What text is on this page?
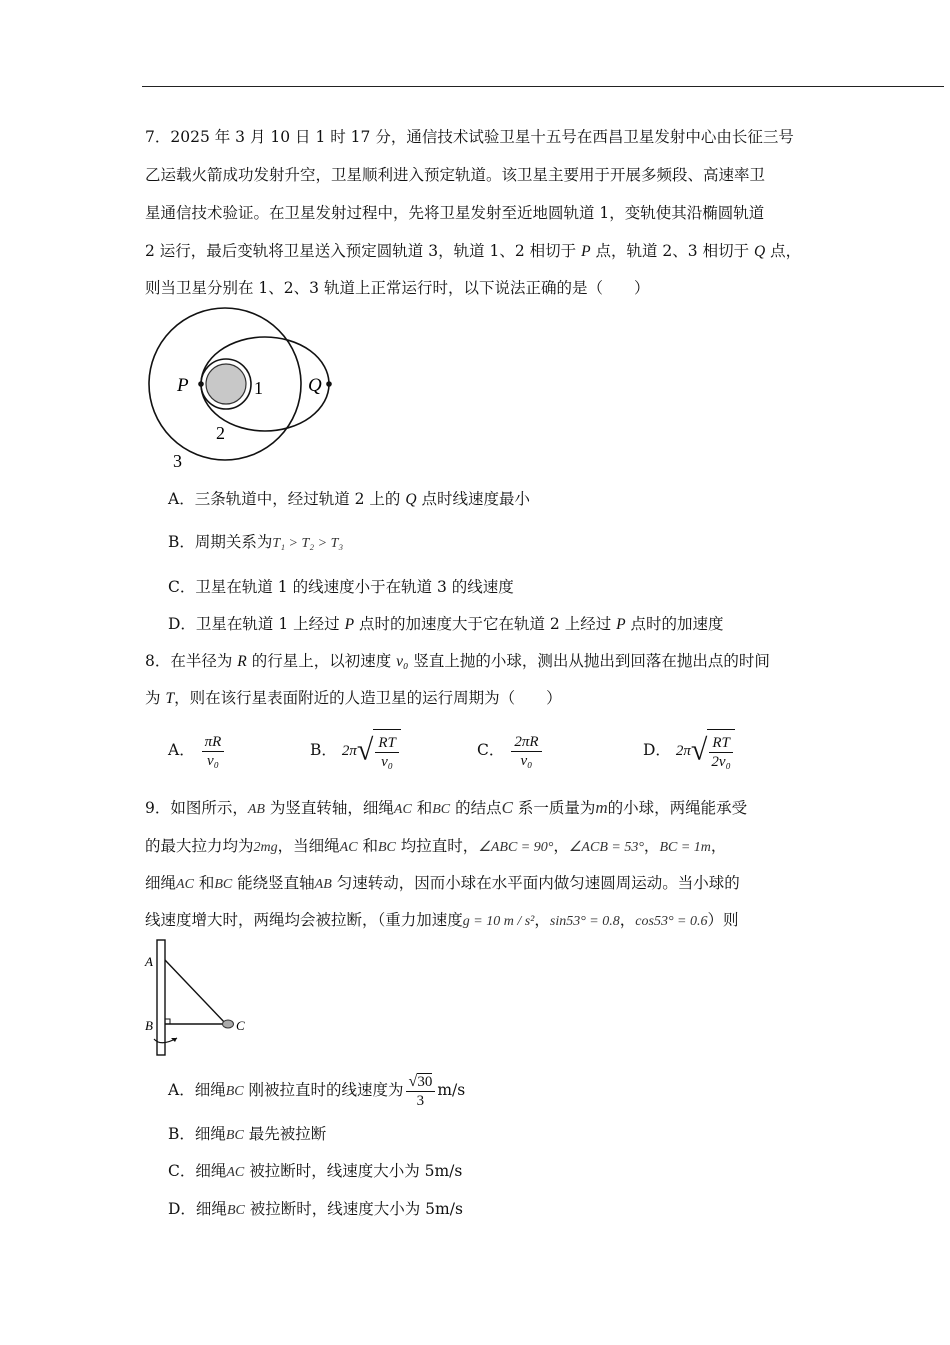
7．2025 年 3 月 10 日 1 时 17 分，通信技术试验卫星十五号在西昌卫星发射中心由长征三号
乙运载火箭成功发射升空，卫星顺利进入预定轨道。该卫星主要用于开展多频段、高速率卫
星通信技术验证。在卫星发射过程中，先将卫星发射至近地圆轨道 1，变轨使其沿椭圆轨道
2 运行，最后变轨将卫星送入预定圆轨道 3，轨道 1、2 相切于 P 点，轨道 2、3 相切于 Q 点，
则当卫星分别在 1、2、3 轨道上正常运行时，以下说法正确的是（　　）
P	Q
1
2
3
A．三条轨道中，经过轨道 2 上的 Q 点时线速度最小
B．周期关系为T₁ > T₂ > T₃
C．卫星在轨道 1 的线速度小于在轨道 3 的线速度
D．卫星在轨道 1 上经过 P 点时的加速度大于它在轨道 2 上经过 P 点时的加速度
8．在半径为 R 的行星上，以初速度 v₀ 竖直上抛的小球，测出从抛出到回落在抛出点的时间
为 T，则在该行星表面附近的人造卫星的运行周期为（　　）
A． $\frac{\pi R}{\text{v₀}}$	B． $2\pi√ \frac{RT}{\text{v₀}}$	C． $\frac{2\pi R}{\text{v₀}}$	D． $2\pi√ \frac{RT}{\text{2v₀}}$
9．如图所示，AB 为竖直转轴，细绳AC 和BC 的结点C 系一质量为m的小球，两绳能承受
的最大拉力均为2mg，当细绳AC 和BC 均拉直时，∠ABC = 90°，∠ACB = 53°，BC = 1m，
细绳AC 和BC 能绕竖直轴AB 匀速转动，因而小球在水平面内做匀速圆周运动。当小球的
线速度增大时，两绳均会被拉断，（重力加速度g = 10 m / s²，sin53° = 0.8，cos53° = 0.6）则
A
B	C
A．细绳BC 刚被拉直时的线速度为 $\frac{√30}{3} m/s$
B．细绳BC 最先被拉断
C．细绳AC 被拉断时，线速度大小为 5m/s
D．细绳BC 被拉断时，线速度大小为 5m/s
